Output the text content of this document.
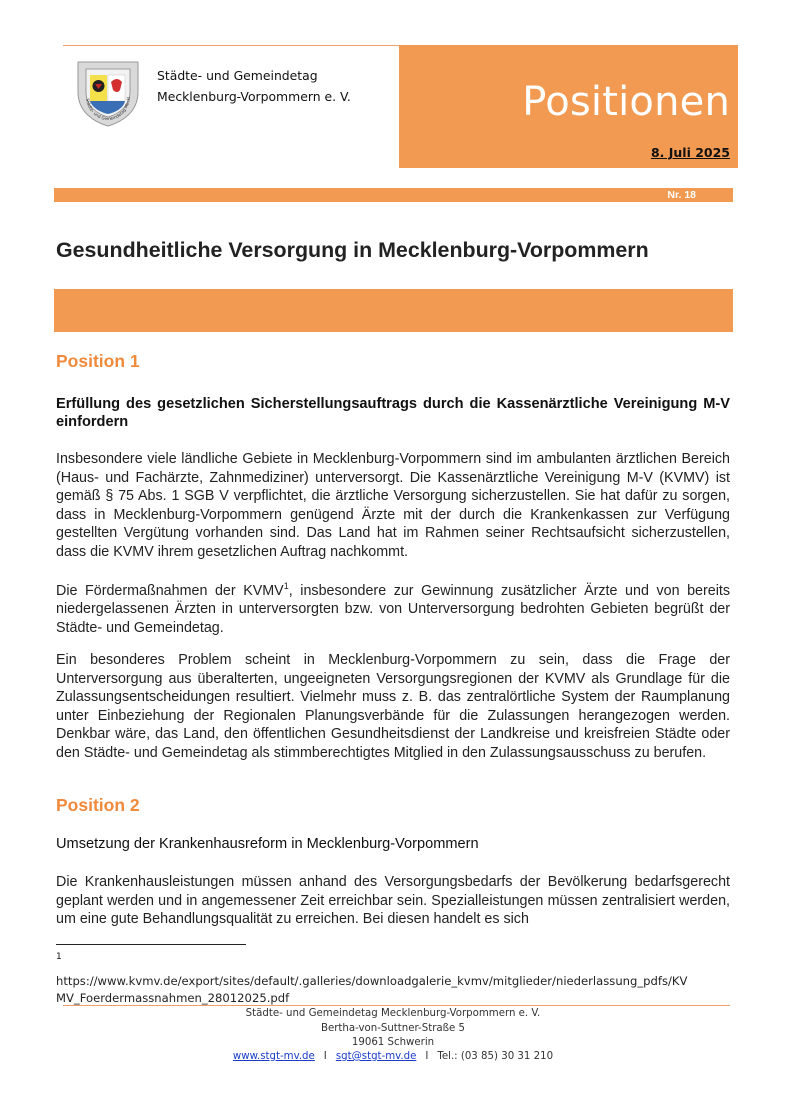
Städte- und Gemeindetag Meckl
Städte- und Gemeindetag
Mecklenburg-Vorpommern e. V.	Positionen
8. Juli 2025
Nr. 18
Gesundheitliche Versorgung in Mecklenburg-Vorpommern
Position 1
Erfüllung des gesetzlichen Sicherstellungsauftrags durch die Kassenärztliche Vereinigung M-V einfordern
Insbesondere viele ländliche Gebiete in Mecklenburg-Vorpommern sind im ambulanten ärztlichen Bereich (Haus- und Fachärzte, Zahnmediziner) unterversorgt. Die Kassenärztliche Vereinigung M-V (KVMV) ist gemäß § 75 Abs. 1 SGB V verpflichtet, die ärztliche Versorgung sicherzustellen. Sie hat dafür zu sorgen, dass in Mecklenburg-Vorpommern genügend Ärzte mit der durch die Krankenkassen zur Verfügung gestellten Vergütung vorhanden sind. Das Land hat im Rahmen seiner Rechtsaufsicht sicherzustellen, dass die KVMV ihrem gesetzlichen Auftrag nachkommt.
Die Fördermaßnahmen der KVMV$^1$, insbesondere zur Gewinnung zusätzlicher Ärzte und von bereits niedergelassenen Ärzten in unterversorgten bzw. von Unterversorgung bedrohten Gebieten begrüßt der Städte- und Gemeindetag.
Ein besonderes Problem scheint in Mecklenburg-Vorpommern zu sein, dass die Frage der Unterversorgung aus überalterten, ungeeigneten Versorgungsregionen der KVMV als Grundlage für die Zulassungsentscheidungen resultiert. Vielmehr muss z. B. das zentralörtliche System der Raumplanung unter Einbeziehung der Regionalen Planungsverbände für die Zulassungen herangezogen werden. Denkbar wäre, das Land, den öffentlichen Gesundheitsdienst der Landkreise und kreisfreien Städte oder den Städte- und Gemeindetag als stimmberechtigtes Mitglied in den Zulassungsausschuss zu berufen.
Position 2
Umsetzung der Krankenhausreform in Mecklenburg-Vorpommern
Die Krankenhausleistungen müssen anhand des Versorgungsbedarfs der Bevölkerung bedarfsgerecht geplant werden und in angemessener Zeit erreichbar sein. Spezialleistungen müssen zentralisiert werden, um eine gute Behandlungsqualität zu erreichen. Bei diesen handelt es sich
1
https://www.kvmv.de/export/sites/default/.galleries/downloadgalerie_kvmv/mitglieder/niederlassung_pdfs/KVMV_Foerdermassnahmen_28012025.pdf
Städte- und Gemeindetag Mecklenburg-Vorpommern e. V.
Bertha-von-Suttner-Straße 5
19061 Schwerin
www.stgt-mv.de I sgt@stgt-mv.de I Tel.: (03 85) 30 31 210
